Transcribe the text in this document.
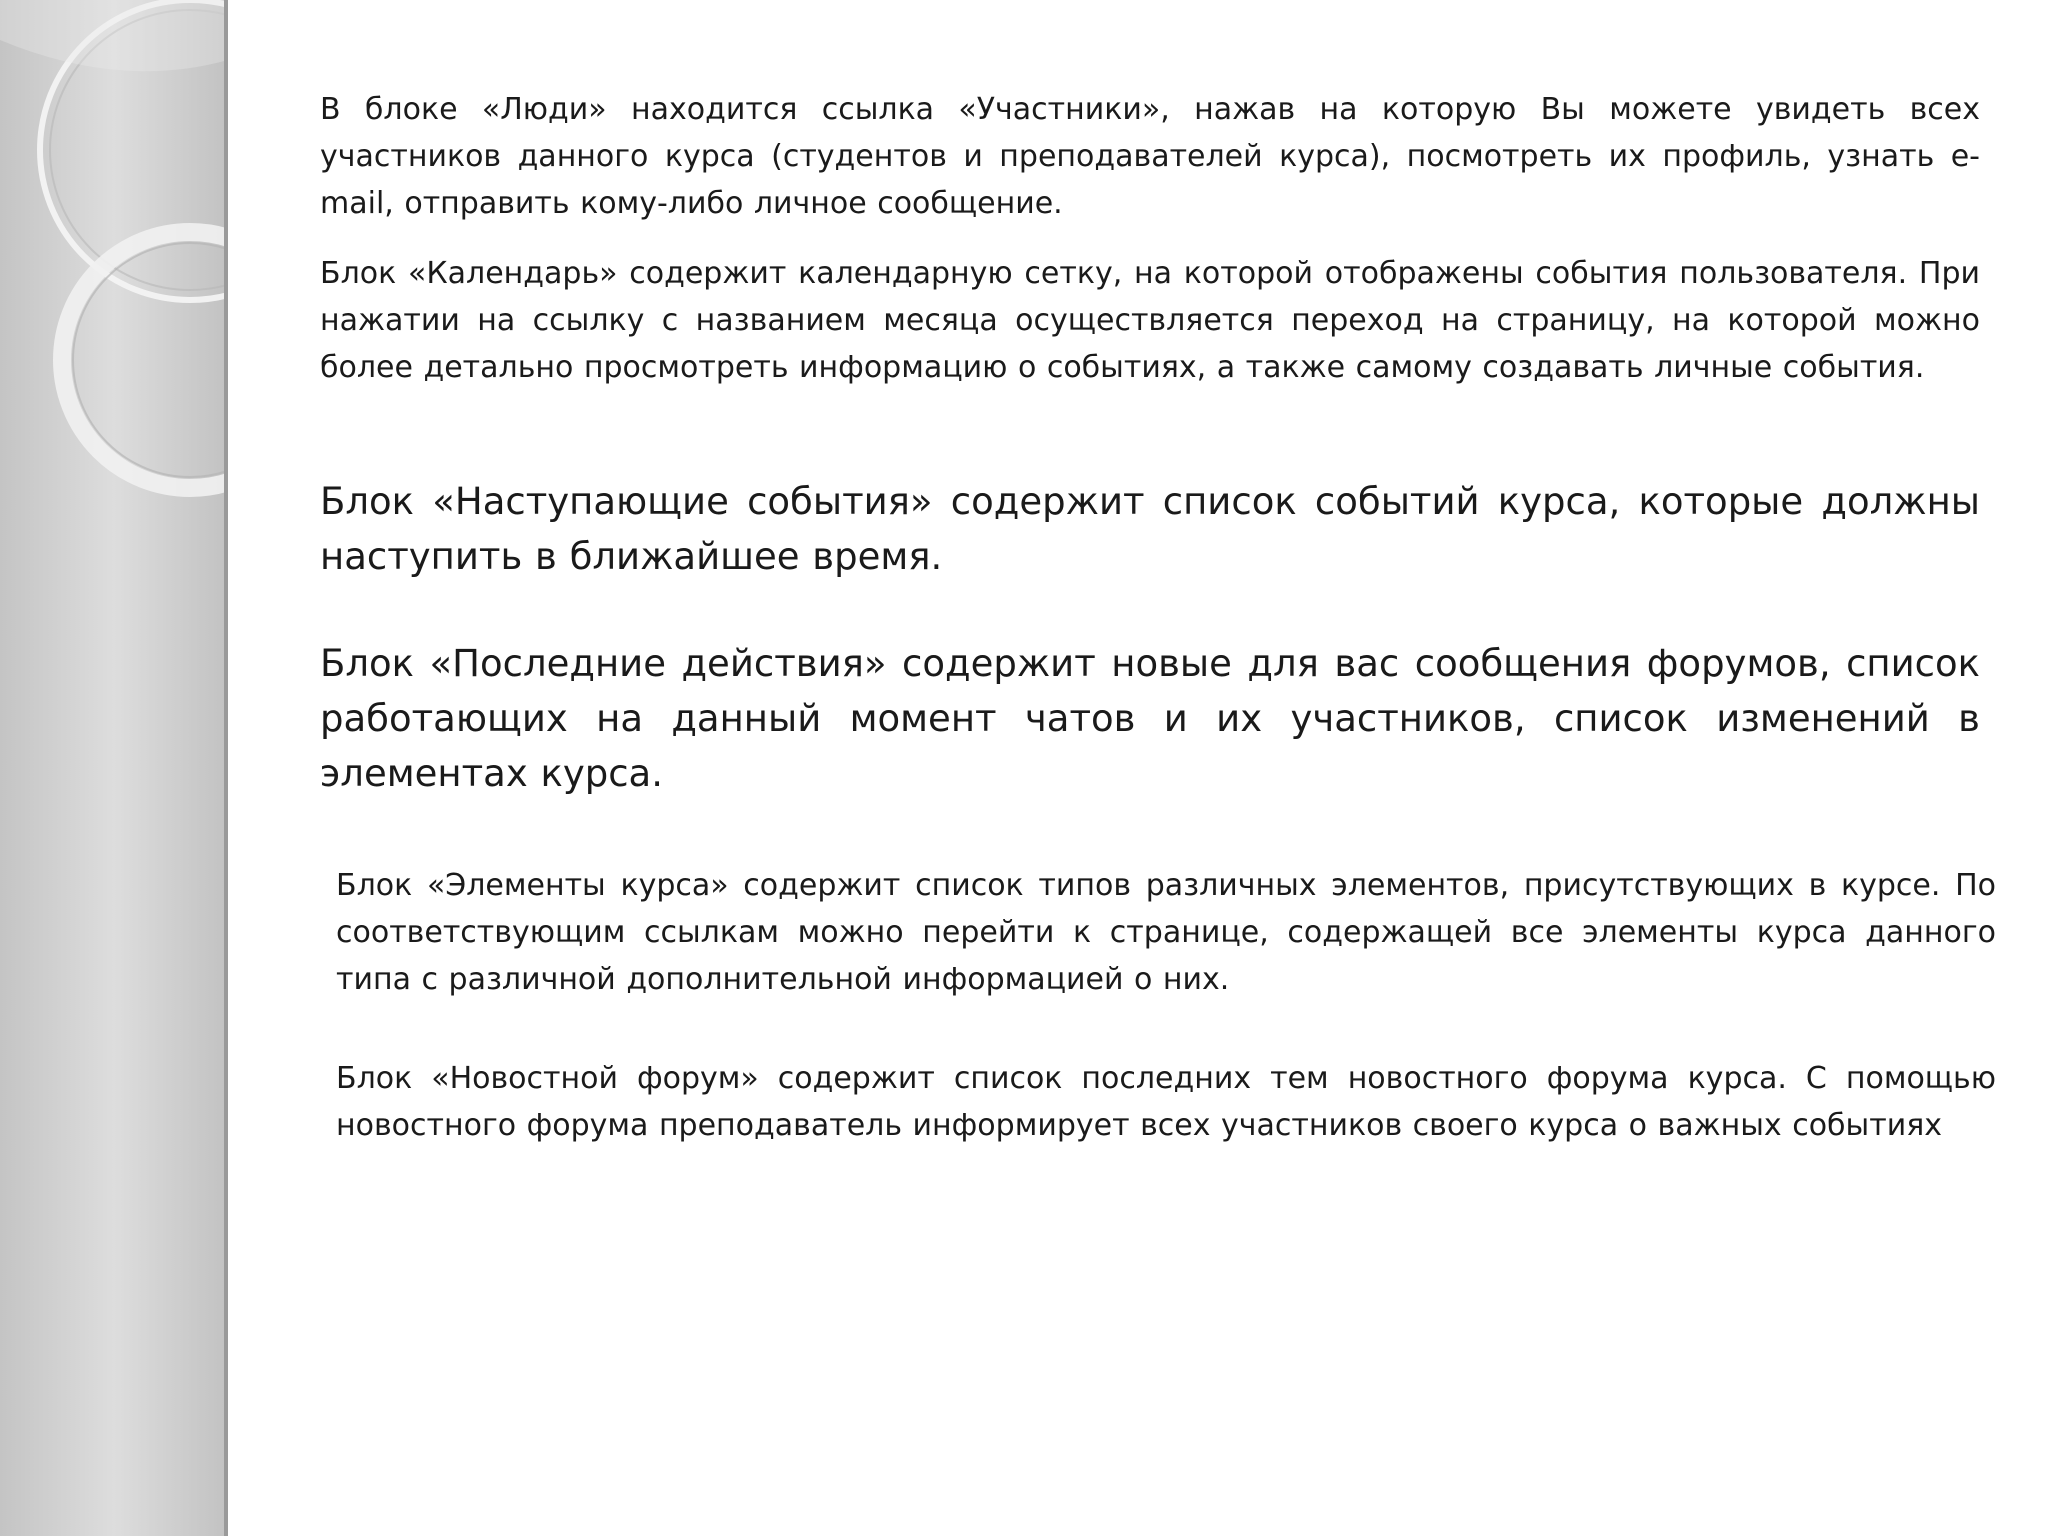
В блоке «Люди» находится ссылка «Участники», нажав на которую Вы можете увидеть всех участников данного курса (студентов и преподавателей курса), посмотреть их профиль, узнать e-mail, отправить кому-либо личное сообщение.

Блок «Календарь» содержит календарную сетку, на которой отображены события пользователя. При нажатии на ссылку с названием месяца осуществляется переход на страницу, на которой можно более детально просмотреть информацию о событиях, а также самому создавать личные события.

Блок «Наступающие события» содержит список событий курса, которые должны наступить в ближайшее время.

Блок «Последние действия» содержит новые для вас сообщения форумов, список работающих на данный момент чатов и их участников, список изменений в элементах курса.

Блок «Элементы курса» содержит список типов различных элементов, присутствующих в курсе. По соответствующим ссылкам можно перейти к странице, содержащей все элементы курса данного типа с различной дополнительной информацией о них.

Блок «Новостной форум» содержит список последних тем новостного форума курса. С помощью новостного форума преподаватель информирует всех участников своего курса о важных событиях
